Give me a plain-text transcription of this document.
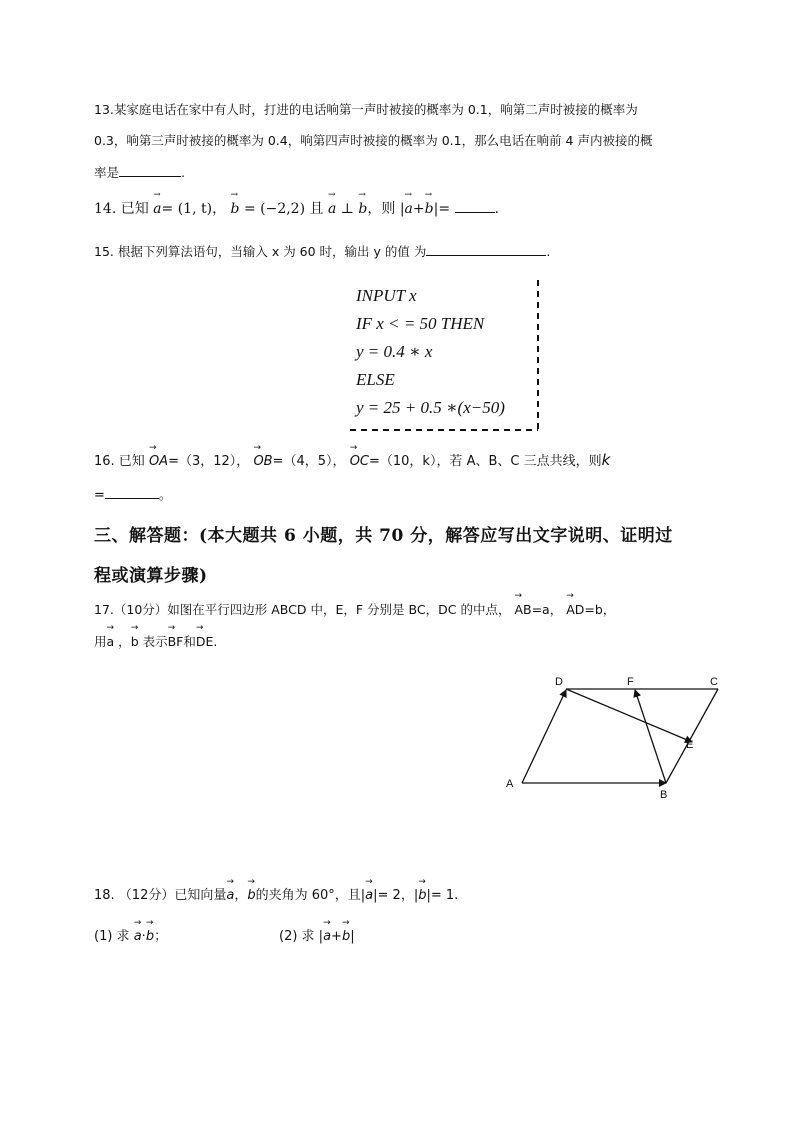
13.某家庭电话在家中有人时，打进的电话响第一声时被接的概率为 0.1，响第二声时被接的概率为
0.3，响第三声时被接的概率为 0.4，响第四声时被接的概率为 0.1，那么电话在响前 4 声内被接的概
率是	.
14. 已知 → a= (1, t)， → b = (−2,2) 且 → a ⊥ → b，则 |→ a+→ b|=	.
15. 根据下列算法语句，当输入 x 为 60 时，输出 y 的值 为	.
INPUT x
IF x < = 50 THEN
y = 0.4 ∗ x
ELSE
y = 25 + 0.5 ∗(x−50)
16. 已知 → OA=（3，12）， → OB=（4，5）， → OC=（10，k），若 A、B、C 三点共线，则k
=	。
三、解答题：(本大题共 6 小题，共 70 分，解答应写出文字说明、证明过
程或演算步骤)
17.（10分）如图在平行四边形 ABCD 中，E，F 分别是 BC，DC 的中点， → AB=a， → AD=b，
用→ a ，→ b 表示→ BF和→ DE.
D	F	C
E
A
B
18. （12分）已知向量→ a，→ b的夹角为 60°，且|→ a|= 2，|→ b|= 1.
(1) 求 → a·→ b；	(2) 求 |→ a+→ b|
